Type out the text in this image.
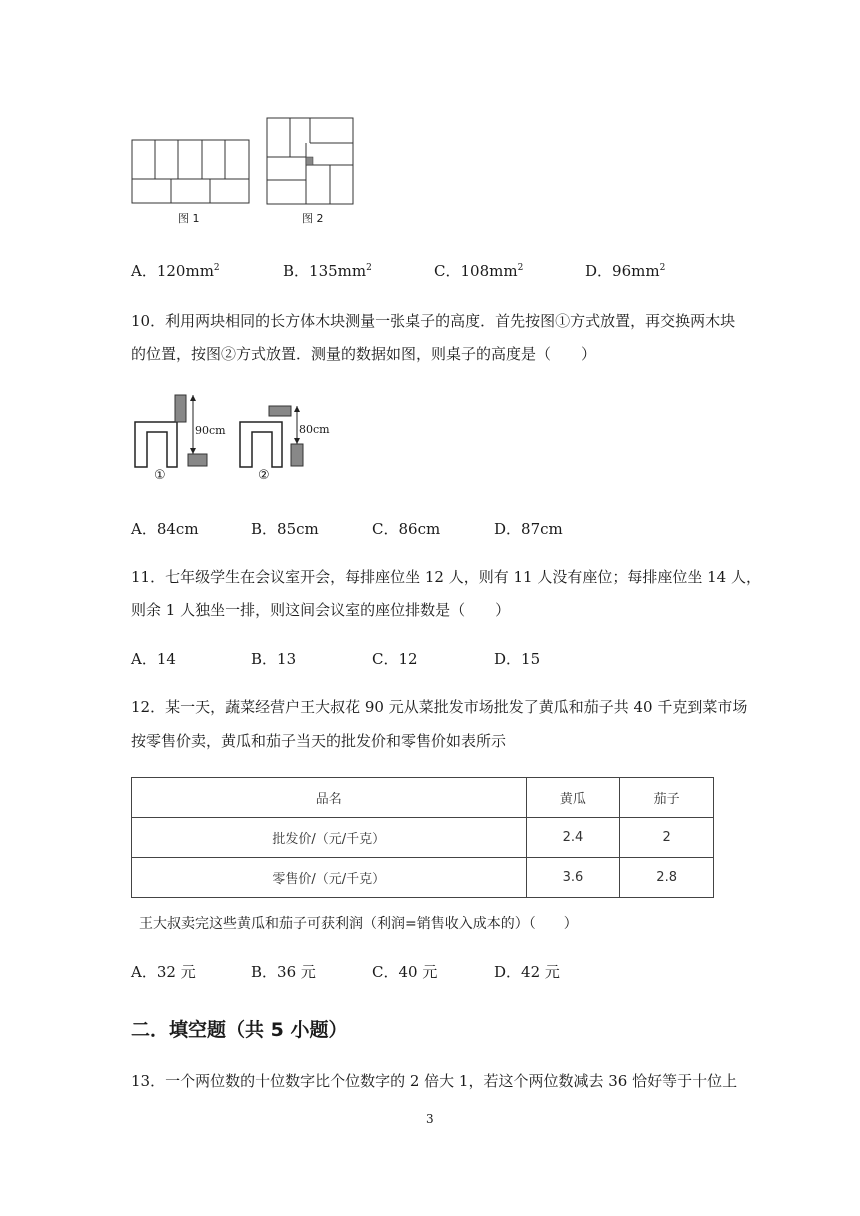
图 1	图 2
A．$120mm^2$	B．$135mm^2$	C．$108mm^2$	D．$96mm^2$
10．利用两块相同的长方体木块测量一张桌子的高度．首先按图①方式放置，再交换两木块
的位置，按图②方式放置．测量的数据如图，则桌子的高度是（　　）
90cm
①
80cm
②
A．84cm	B．85cm	C．86cm	D．87cm
11．七年级学生在会议室开会，每排座位坐 12 人，则有 11 人没有座位；每排座位坐 14 人，
则余 1 人独坐一排，则这间会议室的座位排数是（　　）
A．14	B．13	C．12	D．15
12．某一天，蔬菜经营户王大叔花 90 元从菜批发市场批发了黄瓜和茄子共 40 千克到菜市场
按零售价卖，黄瓜和茄子当天的批发价和零售价如表所示
品名	黄瓜	茄子
批发价/（元/千克）	2.4	2
零售价/（元/千克）	3.6	2.8
王大叔卖完这些黄瓜和茄子可获利润（利润=销售收入成本的）（　　）
A．32 元	B．36 元	C．40 元	D．42 元
二．填空题（共 5 小题）
13．一个两位数的十位数字比个位数字的 2 倍大 1，若这个两位数减去 36 恰好等于十位上
3
